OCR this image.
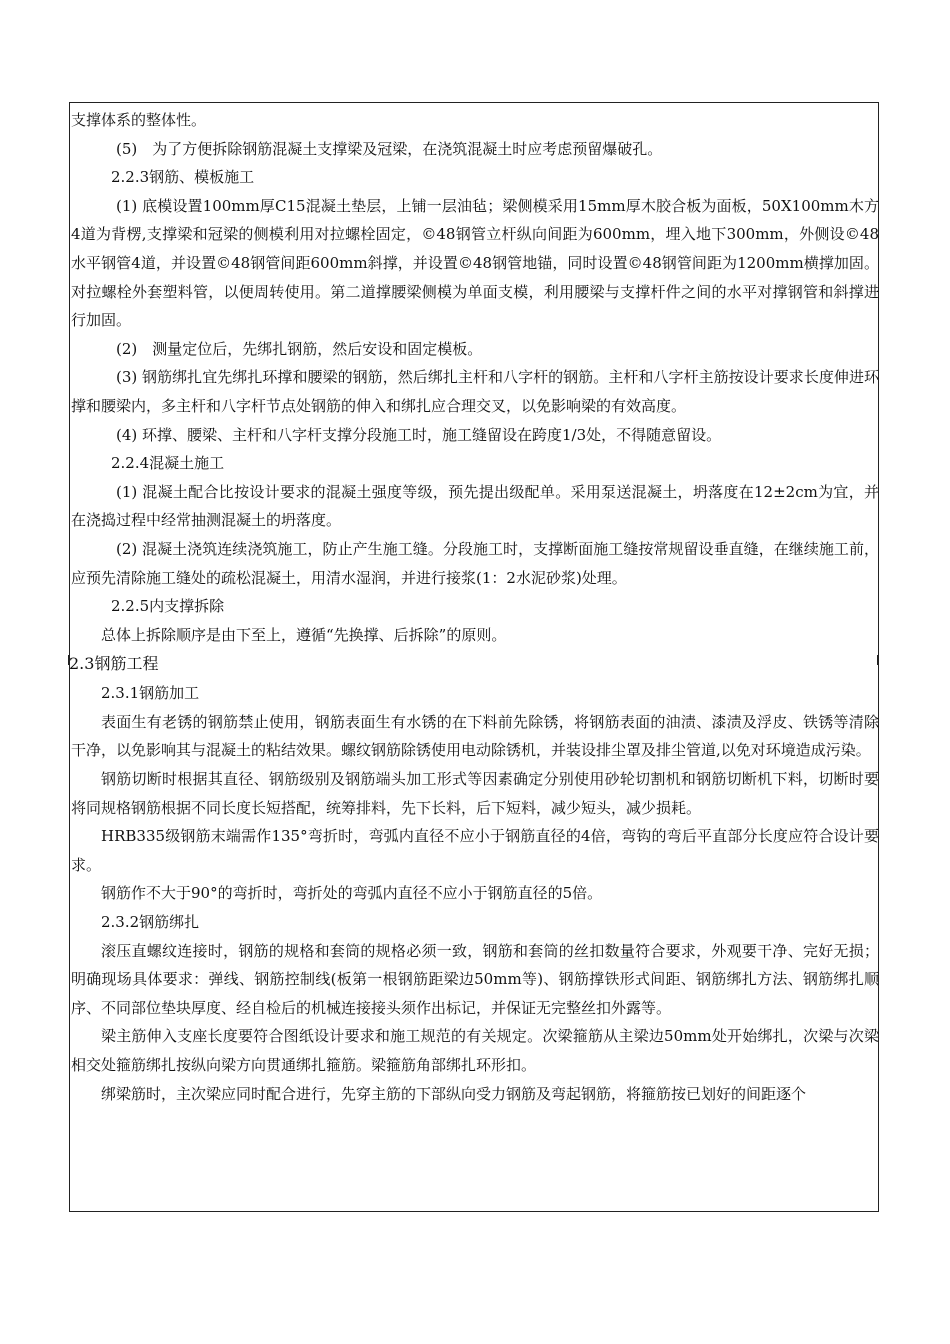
支撑体系的整体性。

(5)　为了方便拆除钢筋混凝土支撑梁及冠梁，在浇筑混凝土时应考虑预留爆破孔。

2.2.3钢筋、模板施工

(1) 底模设置100mm厚C15混凝土垫层，上铺一层油毡；梁侧模采用15mm厚木胶合板为面板，50X100mm木方4道为背楞,支撑梁和冠梁的侧模利用对拉螺栓固定，©48钢管立杆纵向间距为600mm，埋入地下300mm，外侧设©48水平钢管4道，并设置©48钢管间距600mm斜撑，并设置©48钢管地锚，同时设置©48钢管间距为1200mm横撑加固。对拉螺栓外套塑料管，以便周转使用。第二道撑腰梁侧模为单面支模，利用腰梁与支撑杆件之间的水平对撑钢管和斜撑进行加固。

(2)　测量定位后，先绑扎钢筋，然后安设和固定模板。

(3) 钢筋绑扎宜先绑扎环撑和腰梁的钢筋，然后绑扎主杆和八字杆的钢筋。主杆和八字杆主筋按设计要求长度伸进环撑和腰梁内，多主杆和八字杆节点处钢筋的伸入和绑扎应合理交叉，以免影响梁的有效高度。

(4) 环撑、腰梁、主杆和八字杆支撑分段施工时，施工缝留设在跨度1/3处，不得随意留设。

2.2.4混凝土施工

(1) 混凝土配合比按设计要求的混凝土强度等级，预先提出级配单。采用泵送混凝土，坍落度在12±2cm为宜，并在浇捣过程中经常抽测混凝土的坍落度。

(2) 混凝土浇筑连续浇筑施工，防止产生施工缝。分段施工时，支撑断面施工缝按常规留设垂直缝，在继续施工前，应预先清除施工缝处的疏松混凝土，用清水湿润，并进行接浆(1：2水泥砂浆)处理。

2.2.5内支撑拆除

总体上拆除顺序是由下至上，遵循“先换撑、后拆除”的原则。

2.3钢筋工程

2.3.1钢筋加工

表面生有老锈的钢筋禁止使用，钢筋表面生有水锈的在下料前先除锈，将钢筋表面的油渍、漆渍及浮皮、铁锈等清除干净，以免影响其与混凝土的粘结效果。螺纹钢筋除锈使用电动除锈机，并装设排尘罩及排尘管道,以免对环境造成污染。

钢筋切断时根据其直径、钢筋级别及钢筋端头加工形式等因素确定分别使用砂轮切割机和钢筋切断机下料，切断时要将同规格钢筋根据不同长度长短搭配，统筹排料，先下长料，后下短料，减少短头，减少损耗。

HRB335级钢筋末端需作135°弯折时，弯弧内直径不应小于钢筋直径的4倍，弯钩的弯后平直部分长度应符合设计要求。

钢筋作不大于90°的弯折时，弯折处的弯弧内直径不应小于钢筋直径的5倍。

2.3.2钢筋绑扎

滚压直螺纹连接时，钢筋的规格和套筒的规格必须一致，钢筋和套筒的丝扣数量符合要求，外观要干净、完好无损；明确现场具体要求：弹线、钢筋控制线(板第一根钢筋距梁边50mm等)、钢筋撑铁形式间距、钢筋绑扎方法、钢筋绑扎顺序、不同部位垫块厚度、经自检后的机械连接接头须作出标记，并保证无完整丝扣外露等。

梁主筋伸入支座长度要符合图纸设计要求和施工规范的有关规定。次梁箍筋从主梁边50mm处开始绑扎，次梁与次梁相交处箍筋绑扎按纵向梁方向贯通绑扎箍筋。梁箍筋角部绑扎环形扣。

绑梁筋时，主次梁应同时配合进行，先穿主筋的下部纵向受力钢筋及弯起钢筋，将箍筋按已划好的间距逐个
